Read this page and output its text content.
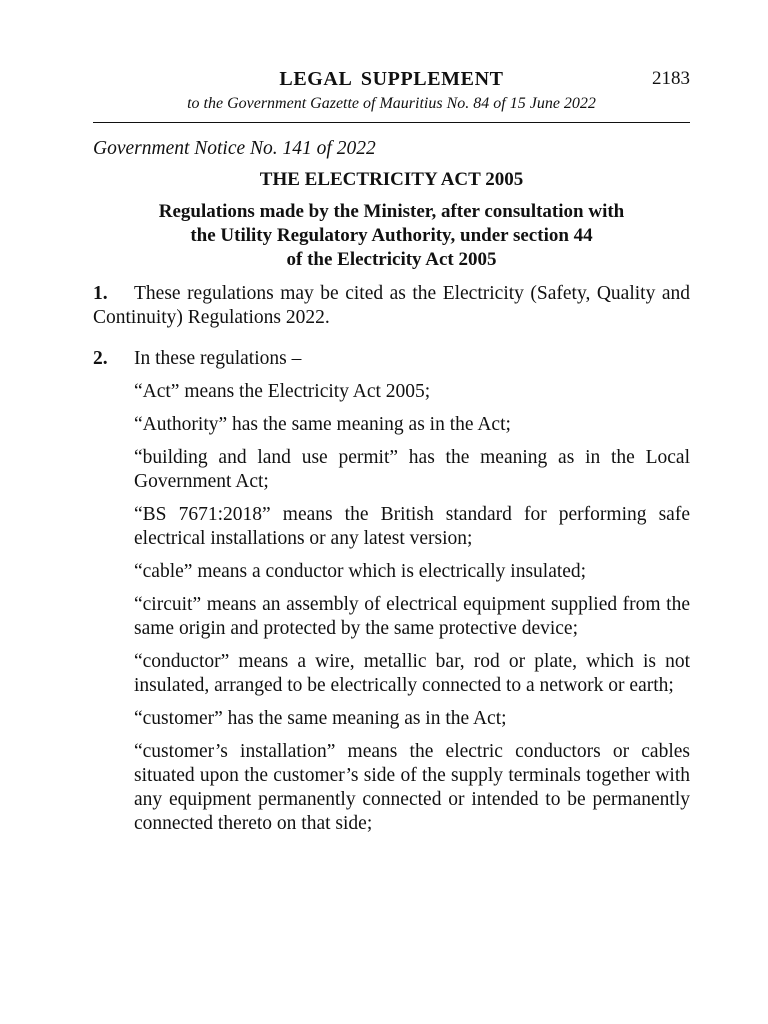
LEGAL SUPPLEMENT	2183
to the Government Gazette of Mauritius No. 84 of 15 June 2022
Government Notice No. 141 of 2022
THE ELECTRICITY ACT 2005
Regulations made by the Minister, after consultation with
the Utility Regulatory Authority, under section 44
of the Electricity Act 2005
1. These regulations may be cited as the Electricity (Safety, Quality and Continuity) Regulations 2022.
2. In these regulations –
“Act” means the Electricity Act 2005;
“Authority” has the same meaning as in the Act;
“building and land use permit” has the meaning as in the Local Government Act;
“BS 7671:2018” means the British standard for performing safe electrical installations or any latest version;
“cable” means a conductor which is electrically insulated;
“circuit” means an assembly of electrical equipment supplied from the same origin and protected by the same protective device;
“conductor” means a wire, metallic bar, rod or plate, which is not insulated, arranged to be electrically connected to a network or earth;
“customer” has the same meaning as in the Act;
“customer’s installation” means the electric conductors or cables situated upon the customer’s side of the supply terminals together with any equipment permanently connected or intended to be permanently connected thereto on that side;
